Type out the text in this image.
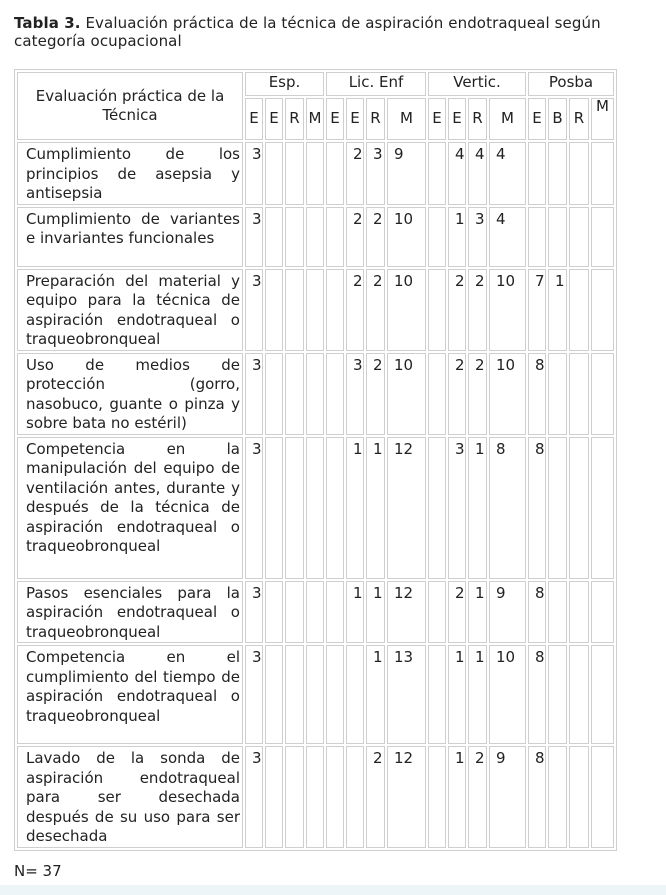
Tabla 3. Evaluación práctica de la técnica de aspiración endotraqueal según categoría ocupacional
Evaluación práctica de la Técnica	Esp.				Lic. Enf				Vertic.				Posba			
	E	E	R	M	E	E	R	M	E	E	R	M	E	B	R	M
Cumplimiento de los principios de asepsia y antisepsia	3					2	3	9		4	4	4				
Cumplimiento de variantes e invariantes funcionales	3					2	2	10		1	3	4				
Preparación del material y equipo para la técnica de aspiración endotraqueal o traqueobronqueal	3					2	2	10		2	2	10	7	1		
Uso de medios de protección (gorro, nasobuco, guante o pinza y sobre bata no estéril)	3					3	2	10		2	2	10	8			
Competencia en la manipulación del equipo de ventilación antes, durante y después de la técnica de aspiración endotraqueal o traqueobronqueal	3					1	1	12		3	1	8	8			
Pasos esenciales para la aspiración endotraqueal o traqueobronqueal	3					1	1	12		2	1	9	8			
Competencia en el cumplimiento del tiempo de aspiración endotraqueal o traqueobronqueal	3						1	13		1	1	10	8			
Lavado de la sonda de aspiración endotraqueal para ser desechada después de su uso para ser desechada	3						2	12		1	2	9	8			
N= 37
